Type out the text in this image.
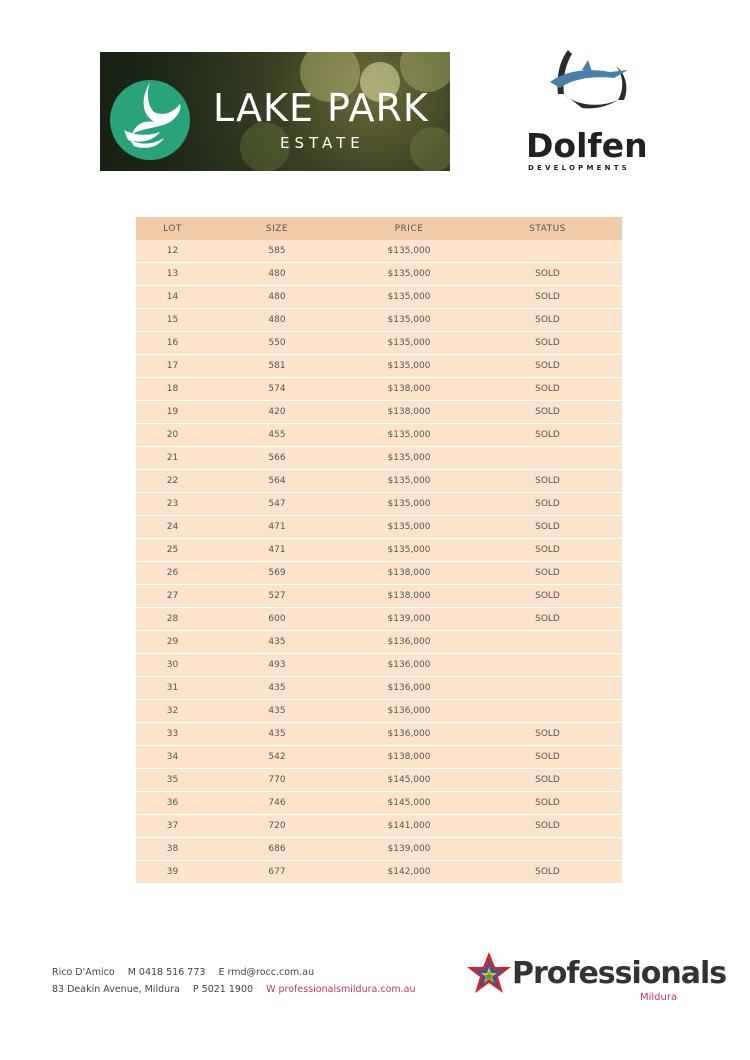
LAKE PARK
ESTATE	Dolfen
DEVELOPMENTS
LOT	SIZE	PRICE	STATUS
12	585	$135,000	
13	480	$135,000	SOLD
14	480	$135,000	SOLD
15	480	$135,000	SOLD
16	550	$135,000	SOLD
17	581	$135,000	SOLD
18	574	$138,000	SOLD
19	420	$138,000	SOLD
20	455	$135,000	SOLD
21	566	$135,000	
22	564	$135,000	SOLD
23	547	$135,000	SOLD
24	471	$135,000	SOLD
25	471	$135,000	SOLD
26	569	$138,000	SOLD
27	527	$138,000	SOLD
28	600	$139,000	SOLD
29	435	$136,000	
30	493	$136,000	
31	435	$136,000	
32	435	$136,000	
33	435	$136,000	SOLD
34	542	$138,000	SOLD
35	770	$145,000	SOLD
36	746	$145,000	SOLD
37	720	$141,000	SOLD
38	686	$139,000	
39	677	$142,000	SOLD
Rico D'Amico M 0418 516 773 E rmd@rocc.com.au
83 Deakin Avenue, Mildura P 5021 1900 W professionalsmildura.com.au	Professionals
Mildura
